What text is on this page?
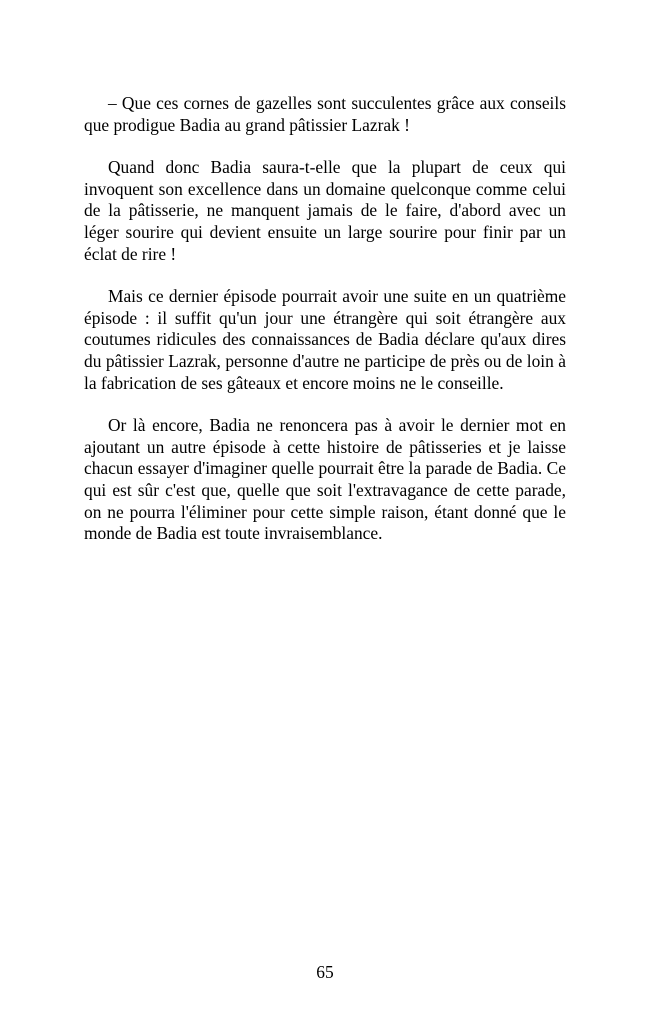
– Que ces cornes de gazelles sont succulentes grâce aux conseils que prodigue Badia au grand pâtissier Lazrak !

Quand donc Badia saura-t-elle que la plupart de ceux qui invoquent son excellence dans un domaine quelconque comme celui de la pâtisserie, ne manquent jamais de le faire, d'abord avec un léger sourire qui devient ensuite un large sourire pour finir par un éclat de rire !

Mais ce dernier épisode pourrait avoir une suite en un quatrième épisode : il suffit qu'un jour une étrangère qui soit étrangère aux coutumes ridicules des connaissances de Badia déclare qu'aux dires du pâtissier Lazrak, personne d'autre ne participe de près ou de loin à la fabrication de ses gâteaux et encore moins ne le conseille.

Or là encore, Badia ne renoncera pas à avoir le dernier mot en ajoutant un autre épisode à cette histoire de pâtisseries et je laisse chacun essayer d'imaginer quelle pourrait être la parade de Badia. Ce qui est sûr c'est que, quelle que soit l'extravagance de cette parade, on ne pourra l'éliminer pour cette simple raison, étant donné que le monde de Badia est toute invraisemblance.

65
